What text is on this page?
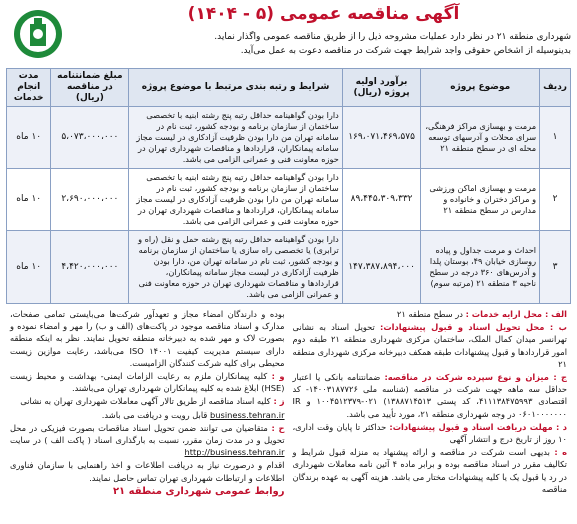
آگهی مناقصه عمومی (۵ - ۱۴۰۴)
شهرداری منطقه ۲۱ در نظر دارد عملیات مشروحه ذیل را از طریق مناقصه عمومی واگذار نماید.
بدینوسیله از اشخاص حقوقی واجد شرایط جهت شرکت در مناقصه دعوت به عمل می‌آید.
ردیف	موضوع پروژه	برآورد اولیه پروژه (ریال)	شرایط و رتبه بندی مرتبط با موضوع پروژه	مبلغ ضمانتنامه در مناقصه (ریال)	مدت انجام خدمات
۱	مرمت و بهسازی مراکز فرهنگی، سرای محلات و آدرسهای توسعه محله ای در سطح منطقه ۲۱	۱۶۹،۰۷۱،۴۶۹،۵۷۵	دارا بودن گواهینامه حداقل رتبه پنج رشته ابنیه با تخصصی ساختمان از سازمان برنامه و بودجه کشور، ثبت نام در سامانه تهران من دارا بودن ظرفیت آزادکاری در لیست مجاز سامانه پیمانکاران، قراردادها و مناقصات شهرداری تهران در حوزه معاونت فنی و عمرانی الزامی می باشد.	۵،۰۷۳،۰۰۰،۰۰۰	۱۰ ماه
۲	مرمت و بهسازی اماکن ورزشی و مراکز دختران و خانواده و مدارس در سطح منطقه ۲۱	۸۹،۴۴۵،۳۰۹،۳۳۲	دارا بودن گواهینامه حداقل رتبه پنج رشته ابنیه با تخصصی ساختمان از سازمان برنامه و بودجه کشور، ثبت نام در سامانه تهران من دارا بودن ظرفیت آزادکاری در لیست مجاز سامانه پیمانکاران، قراردادها و مناقصات شهرداری تهران در حوزه معاونت فنی و عمرانی الزامی می باشد.	۲،۶۹۰،۰۰۰،۰۰۰	۱۰ ماه
۳	احداث و مرمت جداول و پیاده روسازی خیابان ۴۹، بوستان پلدا و آدرس‌های ۳۶۰ درجه در سطح ناحیه ۳ منطقه ۲۱ (مرتبه سوم)	۱۴۷،۳۸۷،۸۹۴،۰۰۰	دارا بودن گواهینامه حداقل رتبه پنج رشته حمل و نقل (راه و ترابری) یا تخصصی راه سازی یا ساختمان از سازمان برنامه و بودجه کشور، ثبت نام در سامانه تهران من، دارا بودن ظرفیت آزادکاری در لیست مجاز سامانه پیمانکاران، قراردادها و مناقصات شهرداری تهران در حوزه معاونت فنی و عمرانی الزامی می باشد.	۴،۴۲۰،۰۰۰،۰۰۰	۱۰ ماه

الف : محل ارایه خدمات : در سطح منطقه ۲۱

ب : محل تحویل اسناد و قبول پیشنهادات: تحویل اسناد به نشانی تهرانسر میدان کمال الملک، ساختمان مرکزی شهرداری منطقه ۲۱ طبقه دوم امور قراردادها و قبول پیشنهادات طبقه همکف دبیرخانه مرکزی شهرداری منطقه ۲۱

ج : میزان و نوع سپرده شرکت در مناقصه: ضمانتنامه بانکی یا اعتبار حداقل سه ماهه جهت شرکت در مناقصه (شناسه ملی ۱۴۰۰۳۱۸۷۷۲۶- کد اقتصادی ۴۱۱۱۳۸۴۷۵۹۹۳، کد پستی ۱۳۸۸۷۱۴۵۱۳) ۰۲۱-۱۰۰۴۵۱۲۳۷۹ و IR ۰۶۰۱۰۰۰۰۰۰۰ در وجه شهرداری منطقه ۲۱، مورد تأیید می باشد.

د : مهلت دریافت اسناد و قبول پیشنهادات: حداکثر تا پایان وقت اداری، ۱۰ روز از تاریخ درج و انتشار آگهی

ه : بدیهی است شرکت در مناقصه و ارائه پیشنهاد به منزله قبول شرایط و تکالیف مقرر در اسناد مناقصه بوده و برابر ماده ۴ آئین نامه معاملات شهرداری در رد یا قبول یک یا کلیه پیشنهادات مختار می باشد. هزینه آگهی به عهده برندگان مناقصه

بوده و دارندگان امضاء مجاز و تعهدآور شرکت‌ها می‌بایستی تمامی صفحات، مدارک و اسناد مناقصه موجود در پاکت‌های (الف و ب) را مهر و امضاء نموده و بصورت لاک و مهر شده به دبیرخانه منطقه تحویل نمایند. نظر به اینکه منطقه دارای سیستم مدیریت کیفیت ISO ۱۴۰۰۱ می‌باشد، رعایت موازین زیست محیطی برای کلیه شرکت کنندگان الزامیست.

و : کلیه پیمانکاران ملزم به رعایت الزامات ایمنی- بهداشت و محیط زیست (HSE) ابلاغ شده به کلیه پیمانکاران شهرداری تهران می‌باشند.

ز : کلیه اسناد مناقصه از طریق تالار آگهی معاملات شهرداری تهران به نشانی

business.tehran.ir قابل رویت و دریافت می باشد.

ح : متقاضیان می توانند ضمن تحویل اسناد مناقصات بصورت فیزیکی در محل تحویل و در مدت زمان مقرر، نسبت به بارگذاری اسناد ( پاکت الف ) در سایت http://business.tehran.ir

اقدام و درصورت نیاز به دریافت اطلاعات و اخذ راهنمایی با سازمان فناوری اطلاعات و ارتباطات شهرداری تهران تماس حاصل نمایند.

روابط عمومی شهرداری منطقه ۲۱
